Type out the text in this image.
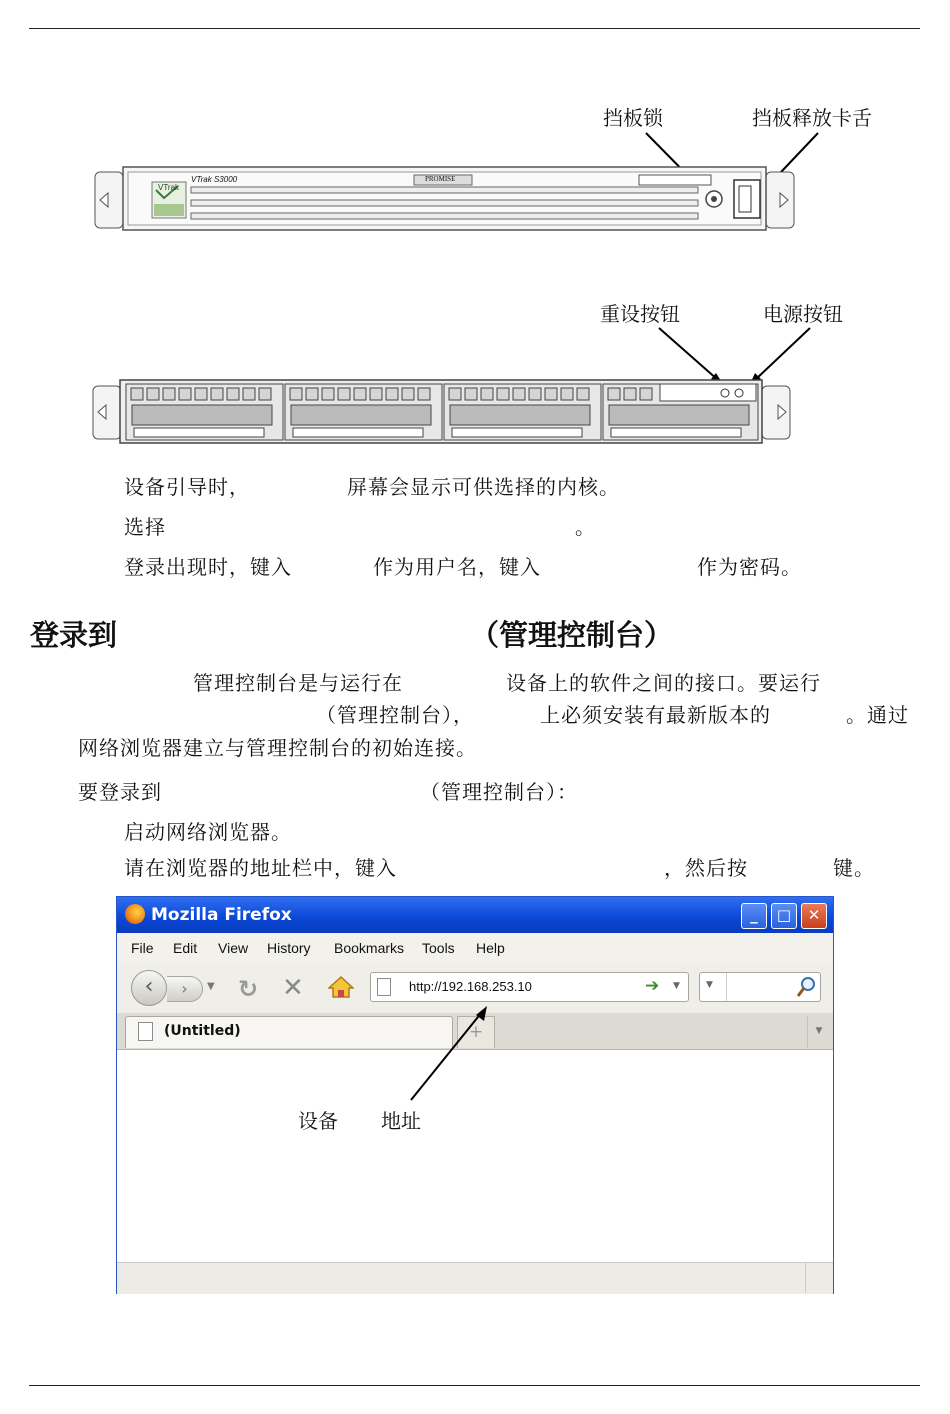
挡板锁	挡板释放卡舌
VTrak
VTrak S3000	PROMISE
重设按钮	电源按钮
设备引导时，	屏幕会显示可供选择的内核。
选择	。
登录出现时，键入	作为用户名，键入	作为密码。
登录到	（管理控制台）
管理控制台是与运行在	设备上的软件之间的接口。要运行
（管理控制台），	上必须安装有最新版本的	。通过
网络浏览器建立与管理控制台的初始连接。
要登录到	（管理控制台）：
启动网络浏览器。
请在浏览器的地址栏中，键入	，然后按	键。
Mozilla Firefox	_	□	✕
File Edit View History Bookmarks Tools Help
‹	›	▼ ↻ ✕	http://192.168.253.10	➔ ▼	▼
(Untitled)	+	▼
设备 地址
